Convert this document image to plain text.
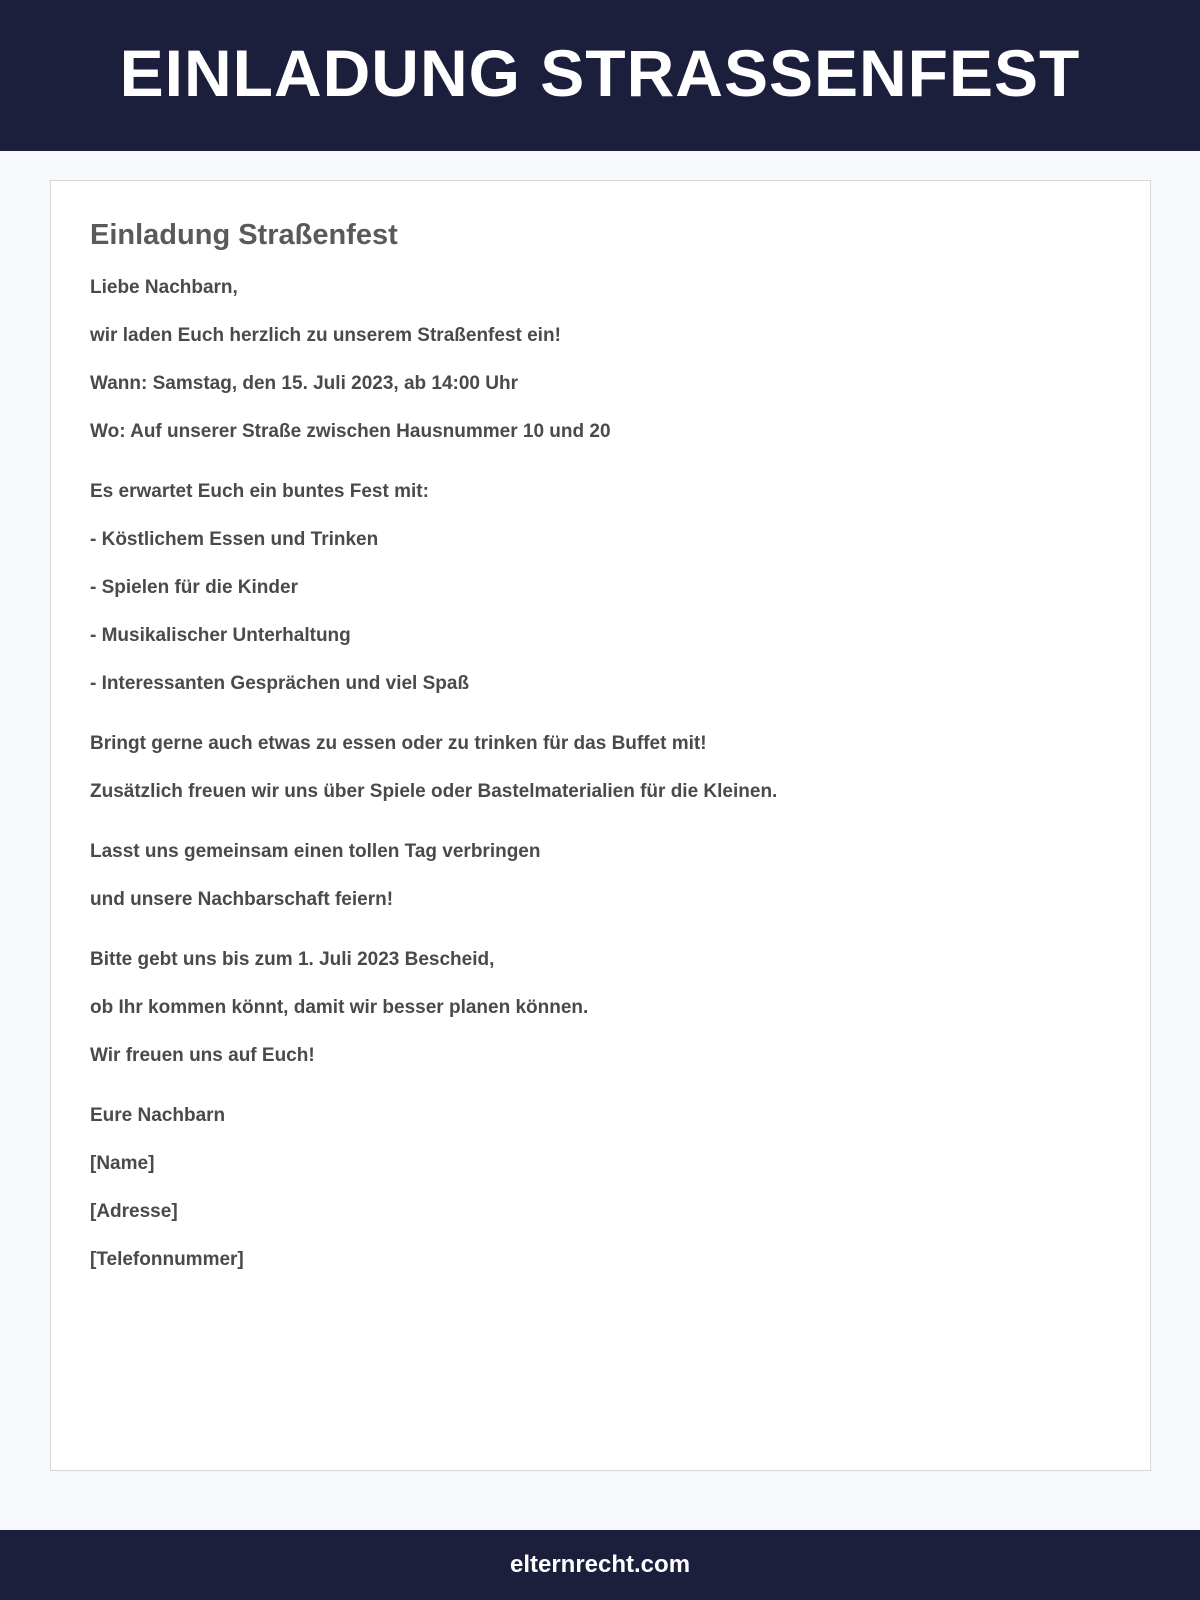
EINLADUNG STRASSENFEST
Einladung Straßenfest
Liebe Nachbarn,
wir laden Euch herzlich zu unserem Straßenfest ein!
Wann: Samstag, den 15. Juli 2023, ab 14:00 Uhr
Wo: Auf unserer Straße zwischen Hausnummer 10 und 20
Es erwartet Euch ein buntes Fest mit:
- Köstlichem Essen und Trinken
- Spielen für die Kinder
- Musikalischer Unterhaltung
- Interessanten Gesprächen und viel Spaß
Bringt gerne auch etwas zu essen oder zu trinken für das Buffet mit!
Zusätzlich freuen wir uns über Spiele oder Bastelmaterialien für die Kleinen.
Lasst uns gemeinsam einen tollen Tag verbringen
und unsere Nachbarschaft feiern!
Bitte gebt uns bis zum 1. Juli 2023 Bescheid,
ob Ihr kommen könnt, damit wir besser planen können.
Wir freuen uns auf Euch!
Eure Nachbarn
[Name]
[Adresse]
[Telefonnummer]
elternrecht.com
